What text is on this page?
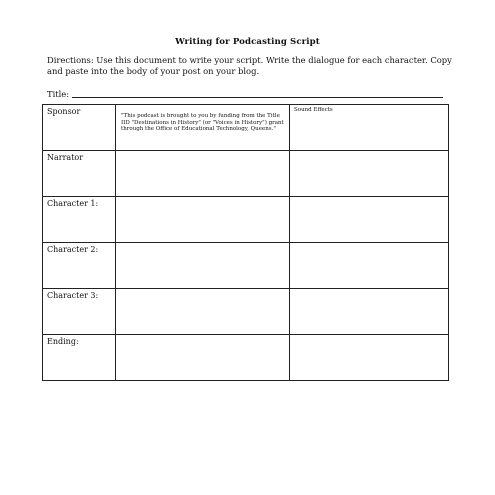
Writing for Podcasting Script
Directions: Use this document to write your script. Write the dialogue for each character. Copy and paste into the body of your post on your blog.
Title:
Sponsor	"This podcast is brought to you by funding from the Title IID "Destinations in History" (or "Voices in History") grant through the Office of Educational Technology, Queens."	Sound Effects

Narrator		

Character 1:		

Character 2:		

Character 3:		

Ending:		
